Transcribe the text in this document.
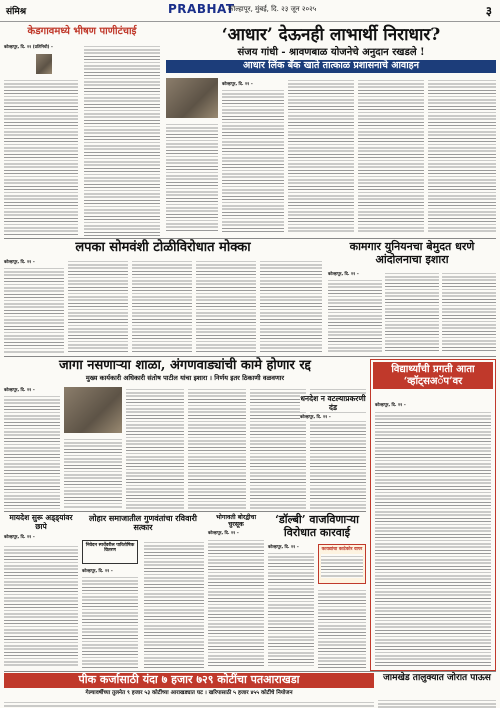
संमिश्र	PRABHAT
कोल्हापूर, मुंबई, दि. २३ जून २०२५	३
केडगावमध्ये भीषण पाणीटंचाई
कोल्हापूर, दि. २१ (प्रतिनिधी) –
‘आधार’ देऊनही लाभार्थी निराधार?
संजय गांधी - श्रावणबाळ योजनेचे अनुदान रखडले !
आधार लिंक बँक खाते तात्काळ प्रशासनाचे आवाहन
कोल्हापूर, दि. २१ –
लपका सोमवंशी टोळीविरोधात मोक्का
कोल्हापूर, दि. २१ –
कामगार युनियनचा बेमुदत धरणे आंदोलनाचा इशारा
कोल्हापूर, दि. २१ –
जागा नसणाऱ्या शाळा, अंगणवाड्यांची कामे होणार रद्द
मुख्य कार्यकारी अधिकारी संतोष पाटील यांचा इशारा । निर्णय इतर ठिकाणी वळवणार
कोल्हापूर, दि. २१ –
विद्यार्थ्यांची प्रगती आता ‘व्हॉट्सअॅप’वर
कोल्हापूर, दि. २१ –
मायदेश सुरू अड्ड्यांवर छापे
कोल्हापूर, दि. २१ –
लोहार समाजातील गुणवंतांचा रविवारी सत्कार
निवेदन स्पर्धेवरील पारितोषिक वितरण
कोल्हापूर, दि. २१ –
भोगावती बोरद्वीचा चुरसूक
कोल्हापूर, दि. २१ –
‘डॉल्बी’ वाजविणाऱ्या विरोधात कारवाई
कोल्हापूर, दि. २१ –
कायद्यांचा काटेकोर वापर
पीक कर्जासाठी यंदा ७ हजार ७२९ कोटींचा पतआराखडा
गेल्यावर्षीच्या तुलनेत ९ हजार ५३ कोटींच्या आराखड्यात घट । खरिपासाठी ५ हजार ४५५ कोटींचे नियोजन
जामखेड तालुक्यात जोरात पाऊस
धनदेश न वटल्याप्रकरणी दंड
कोल्हापूर, दि. २१ –
